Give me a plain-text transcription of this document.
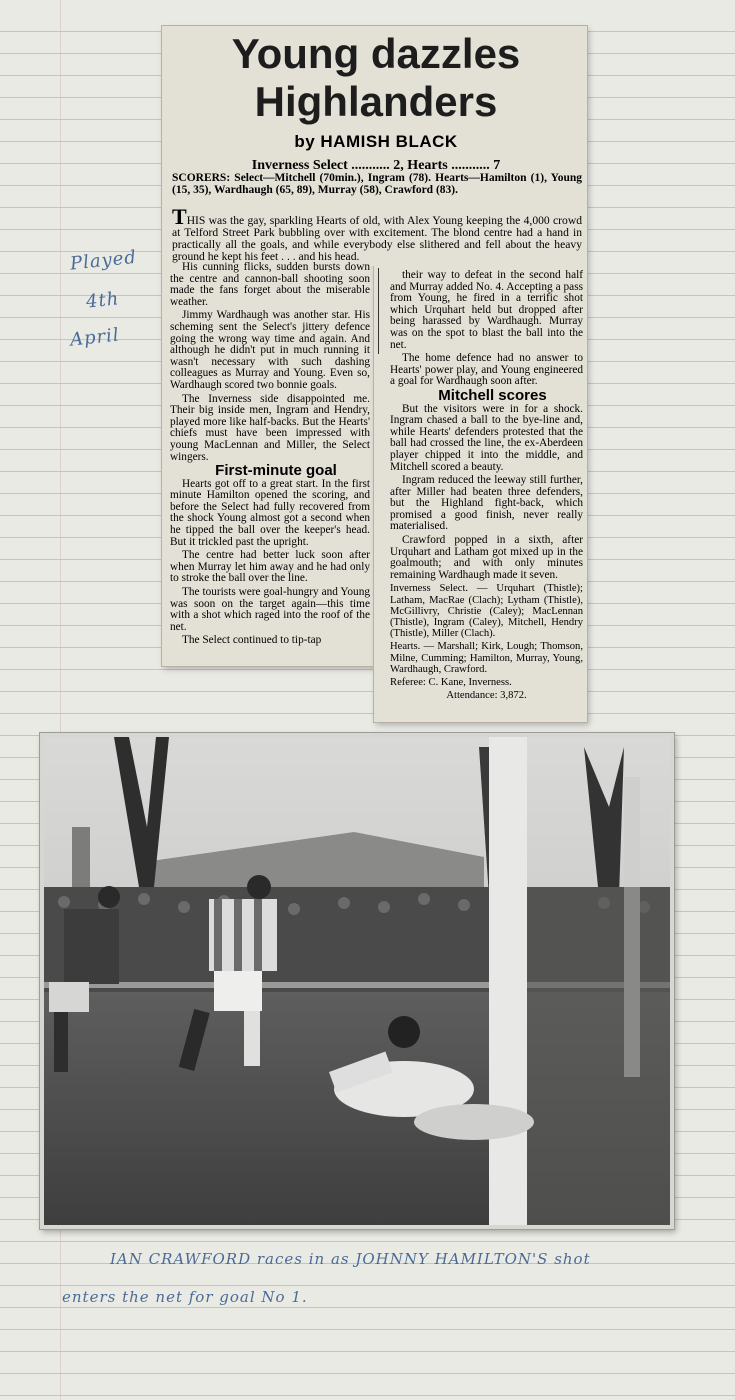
Played
4th
April
Young dazzles
Highlanders
by HAMISH BLACK
Inverness Select ........... 2, Hearts ........... 7
SCORERS: Select—Mitchell (70min.), Ingram (78). Hearts—Hamilton (1), Young (15, 35), Wardhaugh (65, 89), Murray (58), Crawford (83).
THIS was the gay, sparkling Hearts of old, with Alex Young keeping the 4,000 crowd at Telford Street Park bubbling over with excitement. The blond centre had a hand in practically all the goals, and while everybody else slithered and fell about the heavy ground he kept his feet . . . and his head.

His cunning flicks, sudden bursts down the centre and cannon-ball shooting soon made the fans forget about the miserable weather.

Jimmy Wardhaugh was another star. His scheming sent the Select's jittery defence going the wrong way time and again. And although he didn't put in much running it wasn't necessary with such dashing colleagues as Murray and Young. Even so, Wardhaugh scored two bonnie goals.

The Inverness side disappointed me. Their big inside men, Ingram and Hendry, played more like half-backs. But the Hearts' chiefs must have been impressed with young MacLennan and Miller, the Select wingers.

First-minute goal

Hearts got off to a great start. In the first minute Hamilton opened the scoring, and before the Select had fully recovered from the shock Young almost got a second when he tipped the ball over the keeper's head. But it trickled past the upright.

The centre had better luck soon after when Murray let him away and he had only to stroke the ball over the line.

The tourists were goal-hungry and Young was soon on the target again—this time with a shot which raged into the roof of the net.

The Select continued to tip-tap

their way to defeat in the second half and Murray added No. 4. Accepting a pass from Young, he fired in a terrific shot which Urquhart held but dropped after being harassed by Wardhaugh. Murray was on the spot to blast the ball into the net.

The home defence had no answer to Hearts' power play, and Young engineered a goal for Wardhaugh soon after.

Mitchell scores

But the visitors were in for a shock. Ingram chased a ball to the bye-line and, while Hearts' defenders protested that the ball had crossed the line, the ex-Aberdeen player chipped it into the middle, and Mitchell scored a beauty.

Ingram reduced the leeway still further, after Miller had beaten three defenders, but the Highland fight-back, which promised a good finish, never really materialised.

Crawford popped in a sixth, after Urquhart and Latham got mixed up in the goalmouth; and with only minutes remaining Wardhaugh made it seven.

Inverness Select. — Urquhart (Thistle); Latham, MacRae (Clach); Lytham (Thistle), McGillivry, Christie (Caley); MacLennan (Thistle), Ingram (Caley), Mitchell, Hendry (Thistle), Miller (Clach).

Hearts. — Marshall; Kirk, Lough; Thomson, Milne, Cumming; Hamilton, Murray, Young, Wardhaugh, Crawford.

Referee: C. Kane, Inverness.

Attendance: 3,872.

IAN CRAWFORD races in as JOHNNY HAMILTON'S shot
enters the net for goal No 1.
